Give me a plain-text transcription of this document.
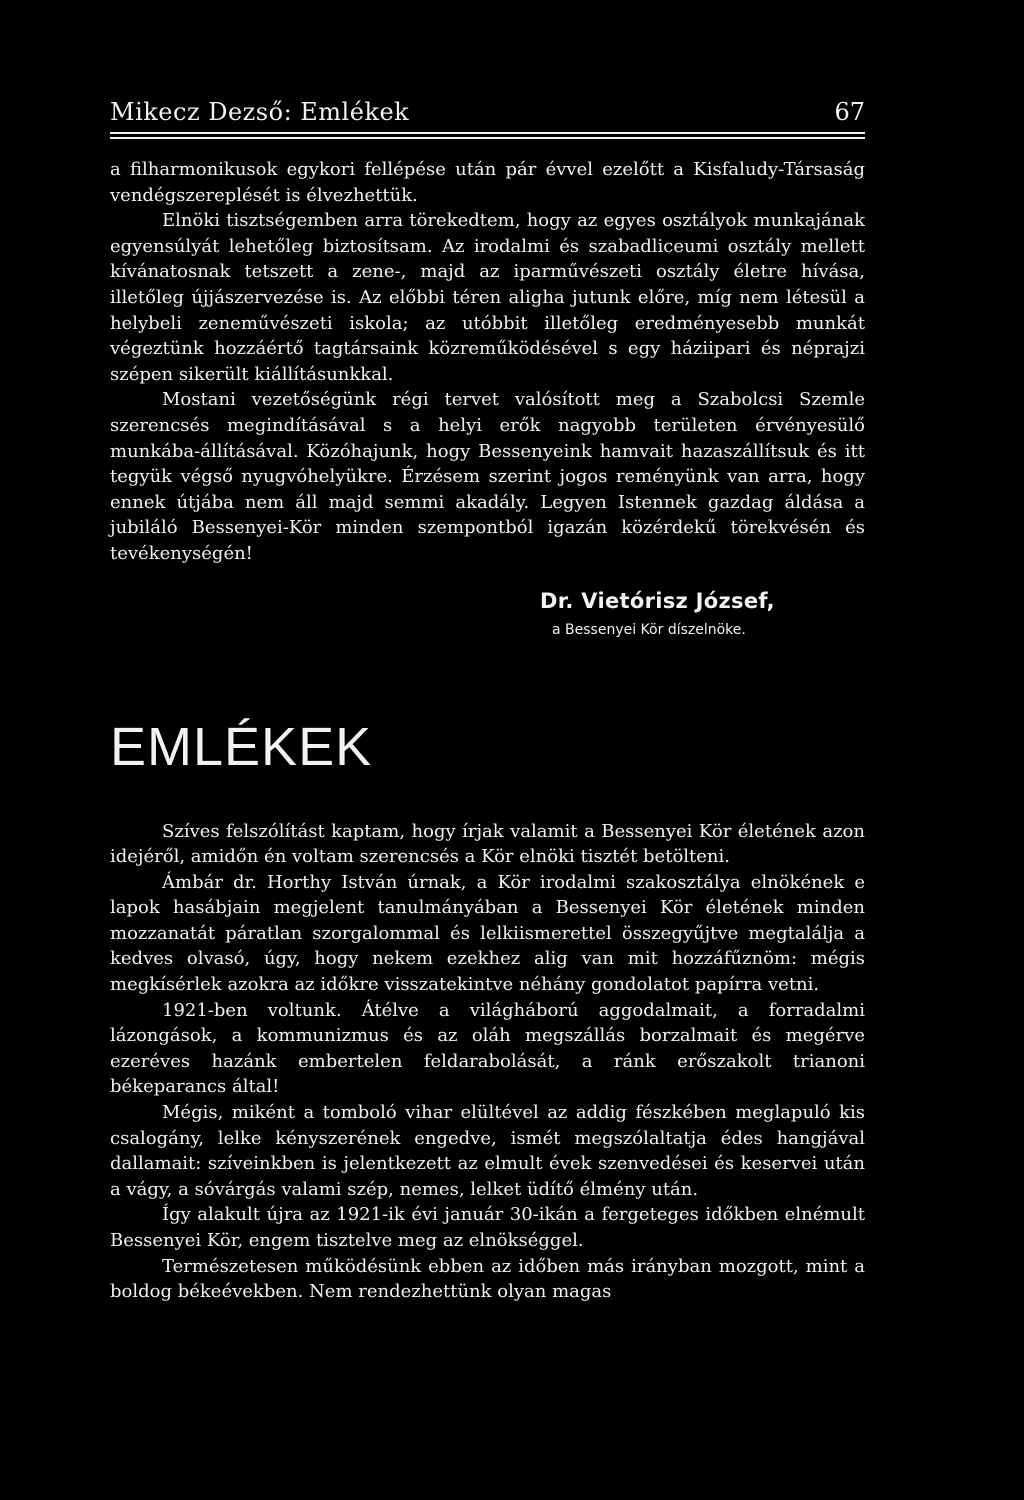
Mikecz Dezső: Emlékek	67

a filharmonikusok egykori fellépése után pár évvel ezelőtt a Kisfaludy-Társaság vendégszereplését is élvezhettük.

Elnöki tisztségemben arra törekedtem, hogy az egyes osztályok munkajának egyensúlyát lehetőleg biztosítsam. Az irodalmi és szabadliceumi osztály mellett kívánatosnak tetszett a zene-, majd az iparművészeti osztály életre hívása, illetőleg újjászervezése is. Az előbbi téren aligha jutunk előre, míg nem létesül a helybeli zeneművészeti iskola; az utóbbit illetőleg eredményesebb munkát végeztünk hozzáértő tagtársaink közreműködésével s egy háziipari és néprajzi szépen sikerült kiállításunkkal.

Mostani vezetőségünk régi tervet valósított meg a Szabolcsi Szemle szerencsés megindításával s a helyi erők nagyobb területen érvényesülő munkába-állításával. Közóhajunk, hogy Bessenyeink hamvait hazaszállítsuk és itt tegyük végső nyugvóhelyükre. Érzésem szerint jogos reményünk van arra, hogy ennek útjába nem áll majd semmi akadály. Legyen Istennek gazdag áldása a jubiláló Bessenyei-Kör minden szempontból igazán közérdekű törekvésén és tevékenységén!

Dr. Vietórisz József,
a Bessenyei Kör díszelnöke.
EMLÉKEK

Szíves felszólítást kaptam, hogy írjak valamit a Bessenyei Kör életének azon idejéről, amidőn én voltam szerencsés a Kör elnöki tisztét betölteni.

Ámbár dr. Horthy István úrnak, a Kör irodalmi szakosztálya elnökének e lapok hasábjain megjelent tanulmányában a Bessenyei Kör életének minden mozzanatát páratlan szorgalommal és lelkiismerettel összegyűjtve megtalálja a kedves olvasó, úgy, hogy nekem ezekhez alig van mit hozzáfűznöm: mégis megkísérlek azokra az időkre visszatekintve néhány gondolatot papírra vetni.

1921-ben voltunk. Átélve a világháború aggodalmait, a forradalmi lázongások, a kommunizmus és az oláh megszállás borzalmait és megérve ezeréves hazánk embertelen feldarabolását, a ránk erőszakolt trianoni békeparancs által!

Mégis, miként a tomboló vihar elültével az addig fészkében meglapuló kis csalogány, lelke kényszerének engedve, ismét megszólaltatja édes hangjával dallamait: szíveinkben is jelentkezett az elmult évek szenvedései és keservei után a vágy, a sóvárgás valami szép, nemes, lelket üdítő élmény után.

Így alakult újra az 1921-ik évi január 30-ikán a fergeteges időkben elnémult Bessenyei Kör, engem tisztelve meg az elnökséggel.

Természetesen működésünk ebben az időben más irányban mozgott, mint a boldog békeévekben. Nem rendezhettünk olyan magas
